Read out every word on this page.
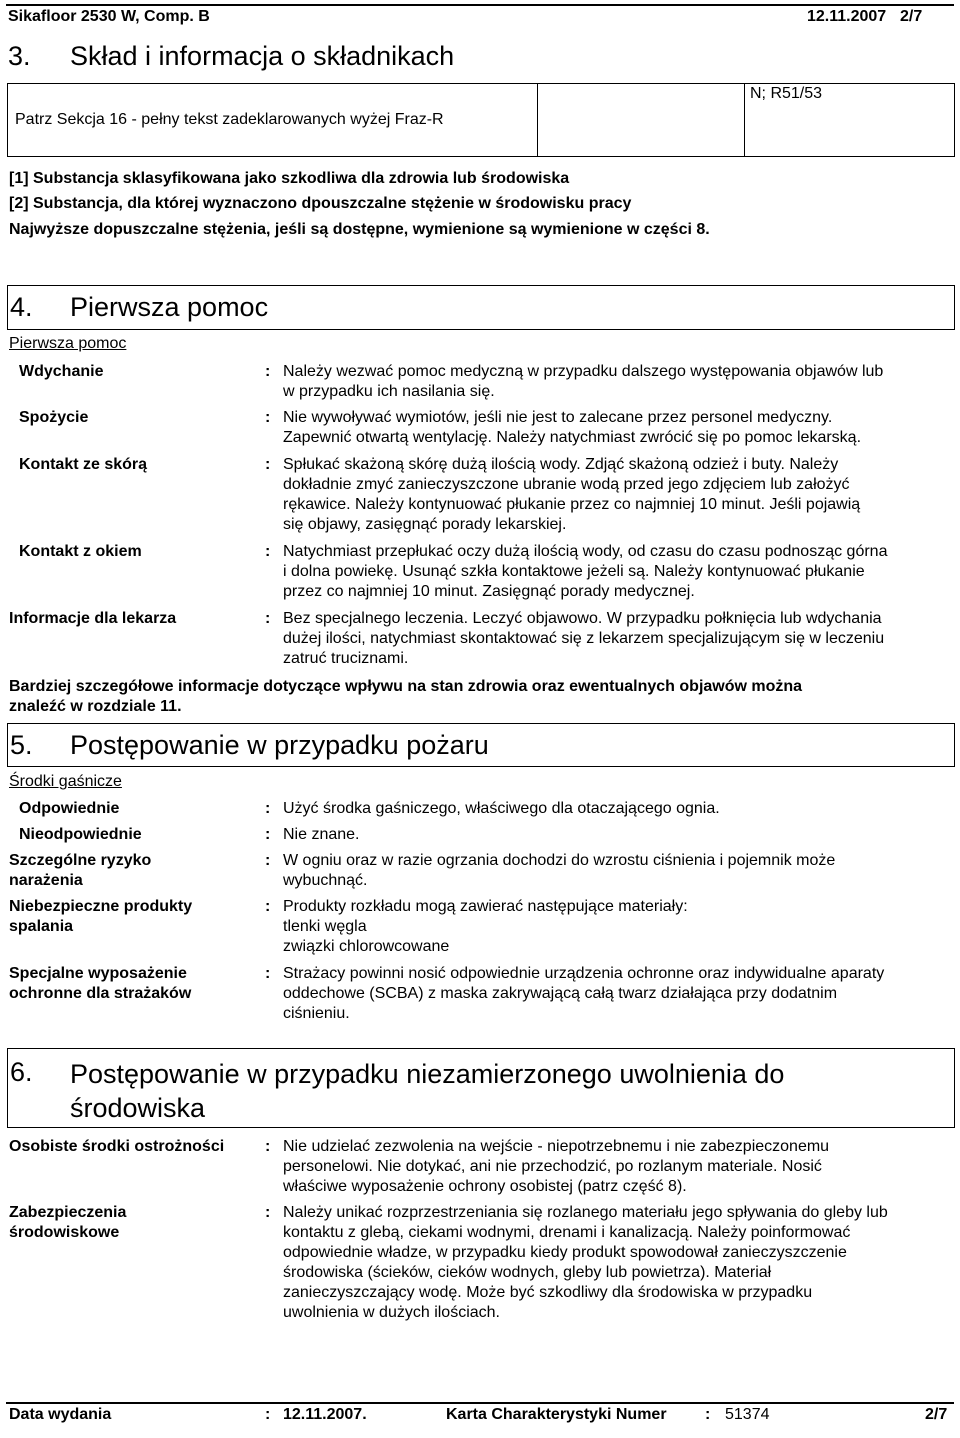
Sikafloor 2530 W, Comp. B	12.11.2007 2/7
3. Skład i informacja o składnikach
Patrz Sekcja 16 - pełny tekst zadeklarowanych wyżej Fraz-R
N; R51/53
[1] Substancja sklasyfikowana jako szkodliwa dla zdrowia lub środowiska
[2] Substancja, dla której wyznaczono dpouszczalne stężenie w środowisku pracy
Najwyższe dopuszczalne stężenia, jeśli są dostępne, wymienione są wymienione w części 8.
4. Pierwsza pomoc
Pierwsza pomoc
Wdychanie	: Należy wezwać pomoc medyczną w przypadku dalszego występowania objawów lub
w przypadku ich nasilania się.
Spożycie	: Nie wywoływać wymiotów, jeśli nie jest to zalecane przez personel medyczny.
Zapewnić otwartą wentylację. Należy natychmiast zwrócić się po pomoc lekarską.
Kontakt ze skórą	: Spłukać skażoną skórę dużą ilością wody. Zdjąć skażoną odzież i buty. Należy
dokładnie zmyć zanieczyszczone ubranie wodą przed jego zdjęciem lub założyć
rękawice. Należy kontynuować płukanie przez co najmniej 10 minut. Jeśli pojawią
się objawy, zasięgnąć porady lekarskiej.
Kontakt z okiem	: Natychmiast przepłukać oczy dużą ilością wody, od czasu do czasu podnosząc górna
i dolna powiekę. Usunąć szkła kontaktowe jeżeli są. Należy kontynuować płukanie
przez co najmniej 10 minut. Zasięgnąć porady medycznej.
Informacje dla lekarza	: Bez specjalnego leczenia. Leczyć objawowo. W przypadku połknięcia lub wdychania
dużej ilości, natychmiast skontaktować się z lekarzem specjalizującym się w leczeniu
zatruć truciznami.
Bardziej szczegółowe informacje dotyczące wpływu na stan zdrowia oraz ewentualnych objawów można
znaleźć w rozdziale 11.
5. Postępowanie w przypadku pożaru
Środki gaśnicze
Odpowiednie	: Użyć środka gaśniczego, właściwego dla otaczającego ognia.
Nieodpowiednie	: Nie znane.
Szczególne ryzyko
narażenia
: W ogniu oraz w razie ogrzania dochodzi do wzrostu ciśnienia i pojemnik może
wybuchnąć.
Niebezpieczne produkty
spalania
: Produkty rozkładu mogą zawierać następujące materiały:
tlenki węgla
związki chlorowcowane
Specjalne wyposażenie
ochronne dla strażaków
: Strażacy powinni nosić odpowiednie urządzenia ochronne oraz indywidualne aparaty
oddechowe (SCBA) z maska zakrywającą całą twarz działająca przy dodatnim
ciśnieniu.
6. Postępowanie w przypadku niezamierzonego uwolnienia do
środowiska
Osobiste środki ostrożności	: Nie udzielać zezwolenia na wejście - niepotrzebnemu i nie zabezpieczonemu
personelowi. Nie dotykać, ani nie przechodzić, po rozlanym materiale. Nosić
właściwe wyposażenie ochrony osobistej (patrz część 8).
Zabezpieczenia
środowiskowe
: Należy unikać rozprzestrzeniania się rozlanego materiału jego spływania do gleby lub
kontaktu z glebą, ciekami wodnymi, drenami i kanalizacją. Należy poinformować
odpowiednie władze, w przypadku kiedy produkt spowodował zanieczyszczenie
środowiska (ścieków, cieków wodnych, gleby lub powietrza). Materiał
zanieczyszczający wodę. Może być szkodliwy dla środowiska w przypadku
uwolnienia w dużych ilościach.
Data wydania	: 12.11.2007.	Karta Charakterystyki Numer : 51374	2/7
